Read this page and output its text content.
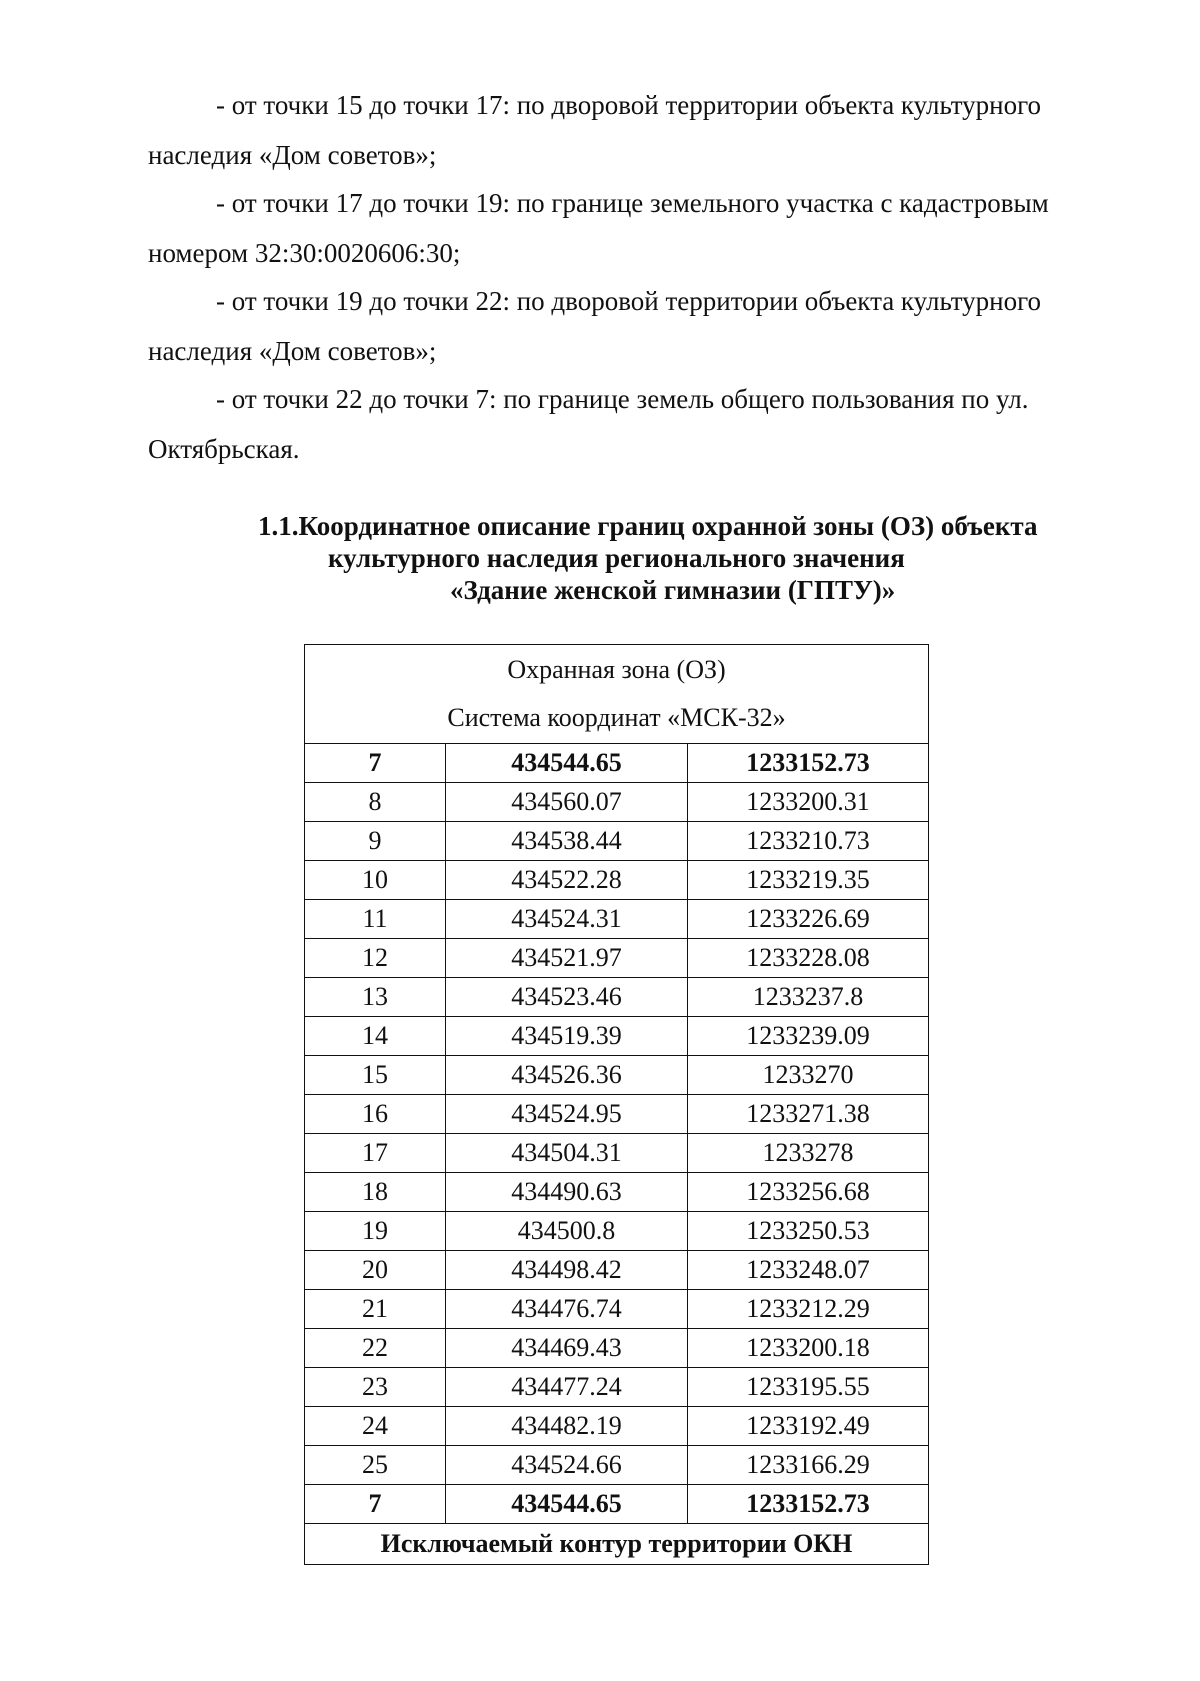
- от точки 15 до точки 17: по дворовой территории объекта культурного
наследия «Дом советов»;
- от точки 17 до точки 19: по границе земельного участка с кадастровым
номером 32:30:0020606:30;
- от точки 19 до точки 22: по дворовой территории объекта культурного
наследия «Дом советов»;
- от точки 22 до точки 7: по границе земель общего пользования по ул.
Октябрьская.
1.1.Координатное описание границ охранной зоны (ОЗ) объекта
культурного наследия регионального значения
«Здание женской гимназии (ГПТУ)»
Охранная зона (ОЗ)
Система координат «МСК-32»		

7	434544.65	1233152.73
8	434560.07	1233200.31
9	434538.44	1233210.73
10	434522.28	1233219.35
11	434524.31	1233226.69
12	434521.97	1233228.08
13	434523.46	1233237.8
14	434519.39	1233239.09
15	434526.36	1233270
16	434524.95	1233271.38
17	434504.31	1233278
18	434490.63	1233256.68
19	434500.8	1233250.53
20	434498.42	1233248.07
21	434476.74	1233212.29
22	434469.43	1233200.18
23	434477.24	1233195.55
24	434482.19	1233192.49
25	434524.66	1233166.29
7	434544.65	1233152.73
Исключаемый контур территории ОКН		
